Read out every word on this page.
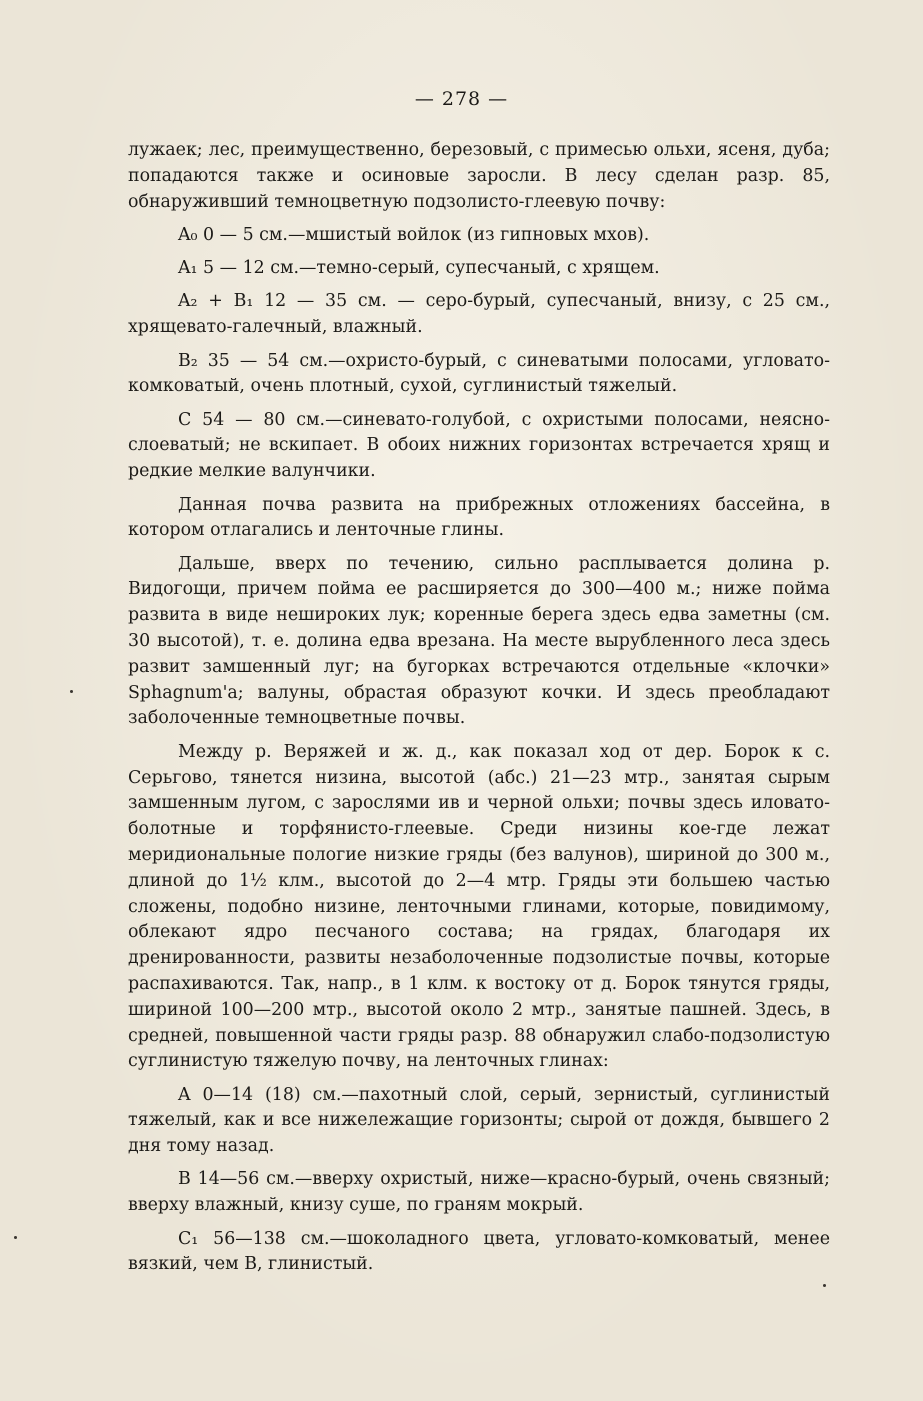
— 278 —

лужаек; лес, преимущественно, березовый, с примесью ольхи, ясеня, дуба; попадаются также и осиновые заросли. В лесу сделан разр. 85, обнаруживший темноцветную подзолисто-глеевую почву:

A₀ 0 — 5 см.—мшистый войлок (из гипновых мхов).

A₁ 5 — 12 см.—темно-серый, супесчаный, с хрящем.

A₂ + B₁ 12 — 35 см. — серо-бурый, супесчаный, внизу, с 25 см., хрящевато-галечный, влажный.

B₂ 35 — 54 см.—охристо-бурый, с синеватыми полосами, угловато-комковатый, очень плотный, сухой, суглинистый тяжелый.

C 54 — 80 см.—синевато-голубой, с охристыми полосами, неясно-слоеватый; не вскипает. В обоих нижних горизонтах встречается хрящ и редкие мелкие валунчики.

Данная почва развита на прибрежных отложениях бассейна, в котором отлагались и ленточные глины.

Дальше, вверх по течению, сильно расплывается долина р. Видогощи, причем пойма ее расширяется до 300—400 м.; ниже пойма развита в виде неширoких лук; коренные берега здесь едва заметны (см. 30 высотой), т. е. долина едва врезана. На месте вырубленного леса здесь развит замшенный луг; на бугорках встречаются отдельные «клочки» Sphagnum'a; валуны, обрастая образуют кочки. И здесь преобладают заболоченные темноцветные почвы.

Между р. Веряжей и ж. д., как показал ход от дер. Борок к с. Серьгово, тянется низина, высотой (абс.) 21—23 мтр., занятая сырым замшенным лугом, с зарослями ив и черной ольхи; почвы здесь иловато-болотные и торфянисто-глеевые. Среди низины кое-где лежат меридиональные пологие низкие гряды (без валунов), шириной до 300 м., длиной до 1½ клм., высотой до 2—4 мтр. Гряды эти большею частью сложены, подобно низине, ленточными глинами, которые, повидимому, облекают ядро песчаного состава; на грядах, благодаря их дренированности, развиты незаболоченные подзолистые почвы, которые распахиваются. Так, напр., в 1 клм. к востоку от д. Борок тянутся гряды, шириной 100—200 мтр., высотой около 2 мтр., занятые пашней. Здесь, в средней, повышенной части гряды разр. 88 обнаружил слабо-подзолистую суглинистую тяжелую почву, на ленточных глинах:

A 0—14 (18) см.—пахотный слой, серый, зернистый, суглинистый тяжелый, как и все нижележащие горизонты; сырой от дождя, бывшего 2 дня тому назад.

B 14—56 см.—вверху охристый, ниже—красно-бурый, очень связный; вверху влажный, книзу суше, по граням мокрый.

C₁ 56—138 см.—шоколадного цвета, угловато-комковатый, менее вязкий, чем B, глинистый.
